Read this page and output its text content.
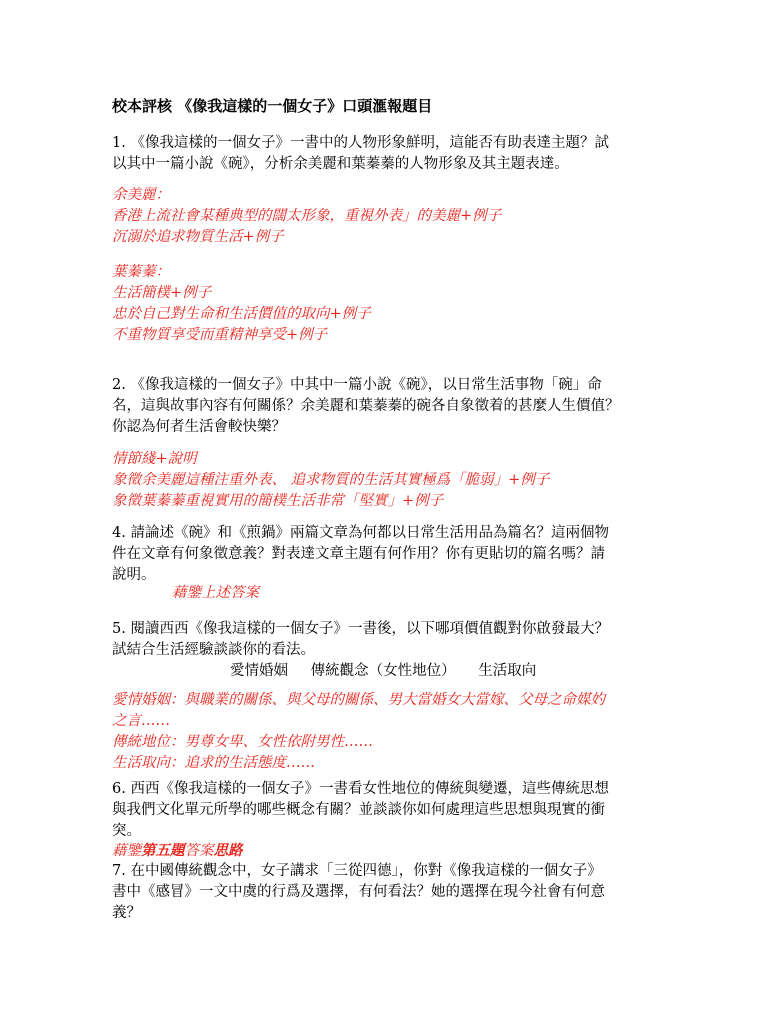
校本評核 《像我這樣的一個女子》口頭滙報題目

1. 《像我這樣的一個女子》一書中的人物形象鮮明，這能否有助表達主題？試

以其中一篇小說《碗》，分析余美麗和葉蓁蓁的人物形象及其主題表達。

余美麗：

香港上流社會某種典型的闊太形象，重視外表」的美麗+例子

沉溺於追求物質生活+例子

葉蓁蓁：

生活簡樸+例子

忠於自己對生命和生活價值的取向+例子

不重物質享受而重精神享受+例子

2. 《像我這樣的一個女子》中其中一篇小說《碗》，以日常生活事物「碗」命

名，這與故事內容有何關係？余美麗和葉蓁蓁的碗各自象徵着的甚麼人生價值？

你認為何者生活會較快樂？

情節綫+說明

象徵余美麗這種注重外表、 追求物質的生活其實極爲「脆弱」+例子

象徵葉蓁蓁重視實用的簡樸生活非常「堅實」+例子

4. 請論述《碗》和《煎鍋》兩篇文章為何都以日常生活用品為篇名？這兩個物

件在文章有何象徵意義？對表達文章主題有何作用？你有更貼切的篇名嗎？請

說明。

藉鑒上述答案

5. 閱讀西西《像我這樣的一個女子》一書後，以下哪項價值觀對你啟發最大？

試結合生活經驗談談你的看法。

愛情婚姻 傳統觀念（女性地位） 生活取向

愛情婚姻：與職業的關係、與父母的關係、男大當婚女大當嫁、父母之命媒妁

之言……

傳統地位：男尊女卑、女性依附男性……

生活取向：追求的生活態度……

6. 西西《像我這樣的一個女子》一書看女性地位的傳統與變遷，這些傳統思想

與我們文化單元所學的哪些概念有關？並談談你如何處理這些思想與現實的衝

突。

藉鑒第五題答案思路

7. 在中國傳統觀念中，女子講求「三從四德」，你對《像我這樣的一個女子》

書中《感冒》一文中虞的行爲及選擇，有何看法？她的選擇在現今社會有何意

義？
